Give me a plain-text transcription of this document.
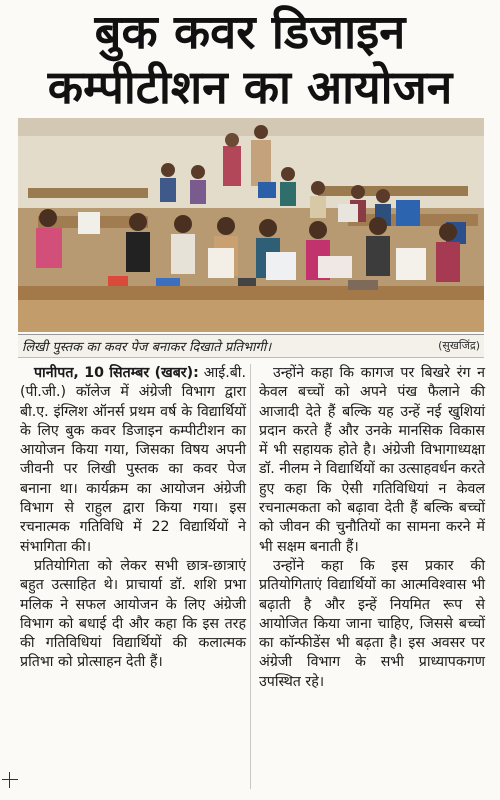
बुक कवर डिजाइन
कम्पीटीशन का आयोजन
लिखी पुस्तक का कवर पेज बनाकर दिखाते प्रतिभागी।	(सुखजिंद्र)

पानीपत, 10 सितम्बर (खबर): आई.बी. (पी.जी.) कॉलेज में अंग्रेजी विभाग द्वारा बी.ए. इंग्लिश ऑनर्स प्रथम वर्ष के विद्यार्थियों के लिए बुक कवर डिजाइन कम्पीटीशन का आयोजन किया गया, जिसका विषय अपनी जीवनी पर लिखी पुस्तक का कवर पेज बनाना था। कार्यक्रम का आयोजन अंग्रेजी विभाग से राहुल द्वारा किया गया। इस रचनात्मक गतिविधि में 22 विद्यार्थियों ने संभागिता की।

प्रतियोगिता को लेकर सभी छात्र-छात्राएं बहुत उत्साहित थे। प्राचार्या डॉ. शशि प्रभा मलिक ने सफल आयोजन के लिए अंग्रेजी विभाग को बधाई दी और कहा कि इस तरह की गतिविधियां विद्यार्थियों की कलात्मक प्रतिभा को प्रोत्साहन देती हैं।

उन्होंने कहा कि कागज पर बिखरे रंग न केवल बच्चों को अपने पंख फैलाने की आजादी देते हैं बल्कि यह उन्हें नई खुशियां प्रदान करते हैं और उनके मानसिक विकास में भी सहायक होते है। अंग्रेजी विभागाध्यक्षा डॉ. नीलम ने विद्यार्थियों का उत्साहवर्धन करते हुए कहा कि ऐसी गतिविधियां न केवल रचनात्मकता को बढ़ावा देती हैं बल्कि बच्चों को जीवन की चुनौतियों का सामना करने में भी सक्षम बनाती हैं।

उन्होंने कहा कि इस प्रकार की प्रतियोगिताएं विद्यार्थियों का आत्मविश्वास भी बढ़ाती है और इन्हें नियमित रूप से आयोजित किया जाना चाहिए, जिससे बच्चों का कॉन्फीडेंस भी बढ़ता है। इस अवसर पर अंग्रेजी विभाग के सभी प्राध्यापकगण उपस्थित रहे।
